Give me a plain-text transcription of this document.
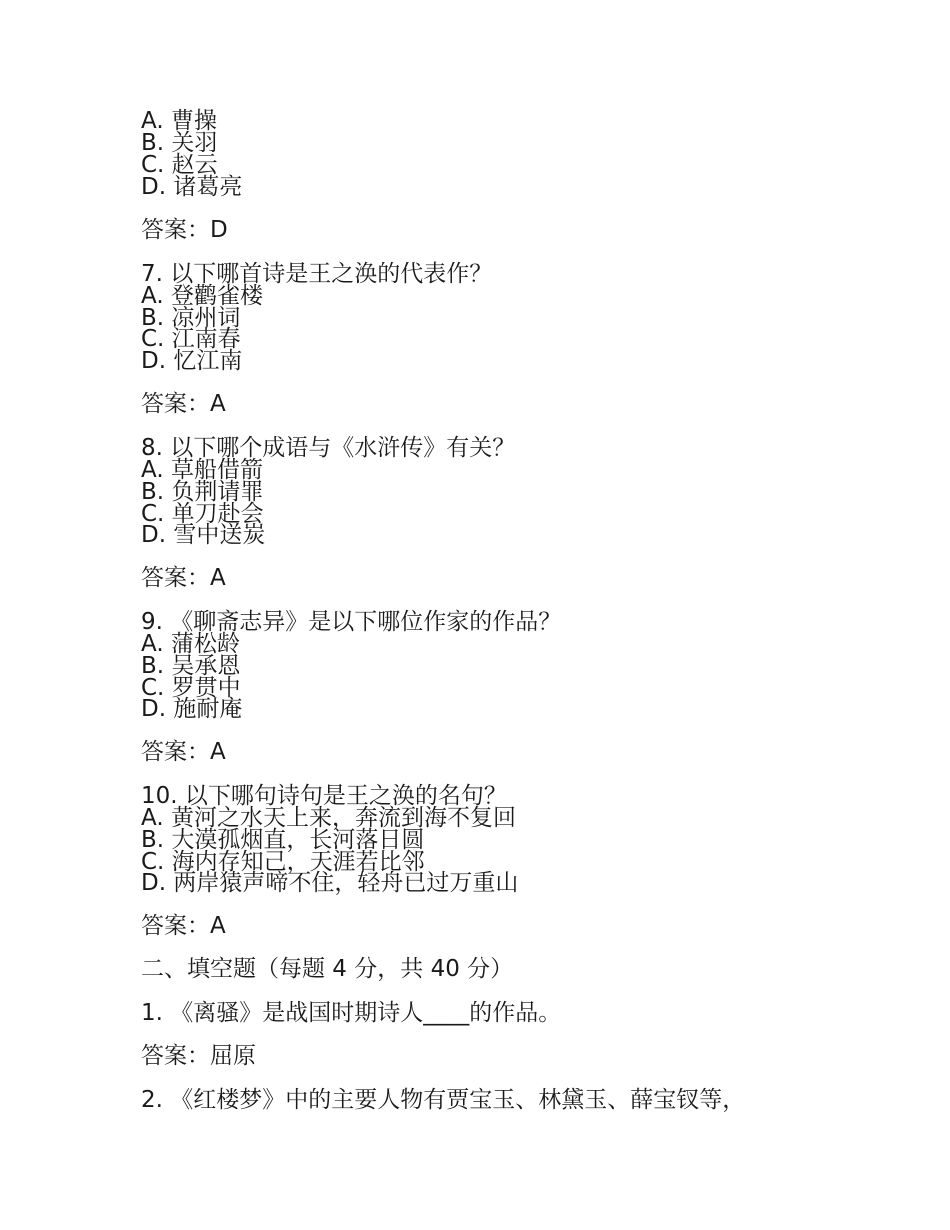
A. 曹操
B. 关羽
C. 赵云
D. 诸葛亮
答案：D
7. 以下哪首诗是王之涣的代表作？
A. 登鹳雀楼
B. 凉州词
C. 江南春
D. 忆江南
答案：A
8. 以下哪个成语与《水浒传》有关？
A. 草船借箭
B. 负荆请罪
C. 单刀赴会
D. 雪中送炭
答案：A
9. 《聊斋志异》是以下哪位作家的作品？
A. 蒲松龄
B. 吴承恩
C. 罗贯中
D. 施耐庵
答案：A
10. 以下哪句诗句是王之涣的名句？
A. 黄河之水天上来，奔流到海不复回
B. 大漠孤烟直，长河落日圆
C. 海内存知己，天涯若比邻
D. 两岸猿声啼不住，轻舟已过万重山
答案：A
二、填空题（每题 4 分，共 40 分）
1. 《离骚》是战国时期诗人____的作品。
答案：屈原
2. 《红楼梦》中的主要人物有贾宝玉、林黛玉、薛宝钗等，
